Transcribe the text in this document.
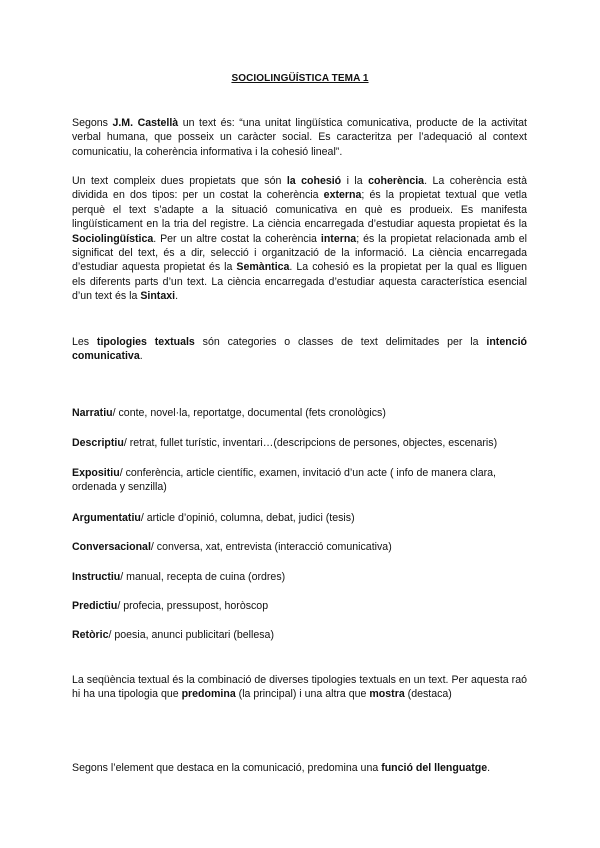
SOCIOLINGÜÍSTICA TEMA 1

Segons J.M. Castellà un text és: “una unitat lingüística comunicativa, producte de la activitat verbal humana, que posseix un caràcter social. Es caracteritza per l’adequació al context comunicatiu, la coherència informativa i la cohesió lineal”.

Un text compleix dues propietats que són la cohesió i la coherència. La coherència està dividida en dos tipos: per un costat la coherència externa; és la propietat textual que vetla perquè el text s’adapte a la situació comunicativa en què es produeix. Es manifesta lingüísticament en la tria del registre. La ciència encarregada d’estudiar aquesta propietat és la Sociolingüística. Per un altre costat la coherència interna; és la propietat relacionada amb el significat del text, és a dir, selecció i organització de la informació. La ciència encarregada d’estudiar aquesta propietat és la Semàntica. La cohesió es la propietat per la qual es lliguen els diferents parts d’un text. La ciència encarregada d’estudiar aquesta característica esencial d’un text és la Sintaxi.

Les tipologies textuals són categories o classes de text delimitades per la intenció comunicativa.

Narratiu/ conte, novel·la, reportatge, documental (fets cronològics)

Descriptiu/ retrat, fullet turístic, inventari…(descripcions de persones, objectes, escenaris)

Expositiu/ conferència, article científic, examen, invitació d’un acte ( info de manera clara, ordenada y senzilla)

Argumentatiu/ article d’opinió, columna, debat, judici (tesis)

Conversacional/ conversa, xat, entrevista (interacció comunicativa)

Instructiu/ manual, recepta de cuina (ordres)

Predictiu/ profecia, pressupost, horòscop

Retòric/ poesia, anunci publicitari (bellesa)

La seqüència textual és la combinació de diverses tipologies textuals en un text. Per aquesta raó hi ha una tipologia que predomina (la principal) i una altra que mostra (destaca)

Segons l’element que destaca en la comunicació, predomina una funció del llenguatge.
